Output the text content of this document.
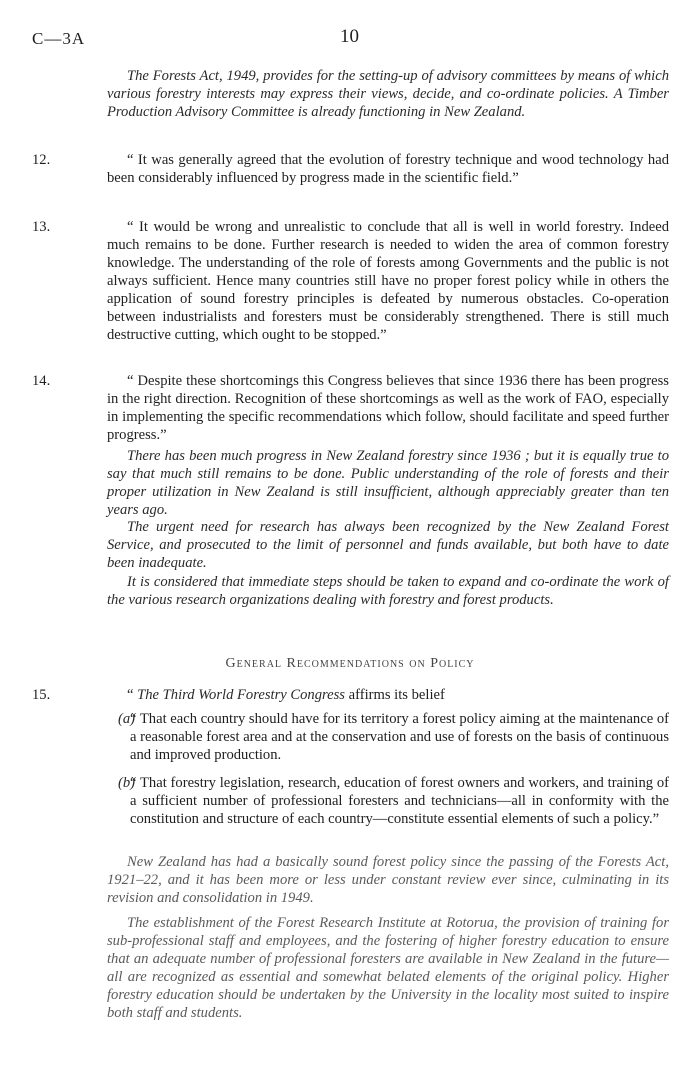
C—3A	10

The Forests Act, 1949, provides for the setting-up of advisory committees by means of which various forestry interests may express their views, decide, and co-ordinate policies. A Timber Production Advisory Committee is already functioning in New Zealand.

12.	“ It was generally agreed that the evolution of forestry technique and wood technology had been considerably influenced by progress made in the scientific field.”

13.	“ It would be wrong and unrealistic to conclude that all is well in world forestry. Indeed much remains to be done. Further research is needed to widen the area of common forestry knowledge. The understanding of the role of forests among Governments and the public is not always sufficient. Hence many countries still have no proper forest policy while in others the application of sound forestry principles is defeated by numerous obstacles. Co-operation between industrialists and foresters must be considerably strengthened. There is still much destructive cutting, which ought to be stopped.”

14.	“ Despite these shortcomings this Congress believes that since 1936 there has been progress in the right direction. Recognition of these shortcomings as well as the work of FAO, especially in implementing the specific recommendations which follow, should facilitate and speed further progress.”

There has been much progress in New Zealand forestry since 1936 ; but it is equally true to say that much still remains to be done. Public understanding of the role of forests and their proper utilization in New Zealand is still insufficient, although appreciably greater than ten years ago.

The urgent need for research has always been recognized by the New Zealand Forest Service, and prosecuted to the limit of personnel and funds available, but both have to date been inadequate.

It is considered that immediate steps should be taken to expand and co-ordinate the work of the various research organizations dealing with forestry and forest products.

General Recommendations on Policy
15.	“ The Third World Forestry Congress affirms its belief

(a)

“ That each country should have for its territory a forest policy aiming at the maintenance of a reasonable forest area and at the conservation and use of forests on the basis of continuous and improved production.

(b)

“ That forestry legislation, research, education of forest owners and workers, and training of a sufficient number of professional foresters and technicians—all in conformity with the constitution and structure of each country—constitute essential elements of such a policy.”

New Zealand has had a basically sound forest policy since the passing of the Forests Act, 1921–22, and it has been more or less under constant review ever since, culminating in its revision and consolidation in 1949.

The establishment of the Forest Research Institute at Rotorua, the provision of training for sub-professional staff and employees, and the fostering of higher forestry education to ensure that an adequate number of professional foresters are available in New Zealand in the future—all are recognized as essential and somewhat belated elements of the original policy. Higher forestry education should be undertaken by the University in the locality most suited to inspire both staff and students.
